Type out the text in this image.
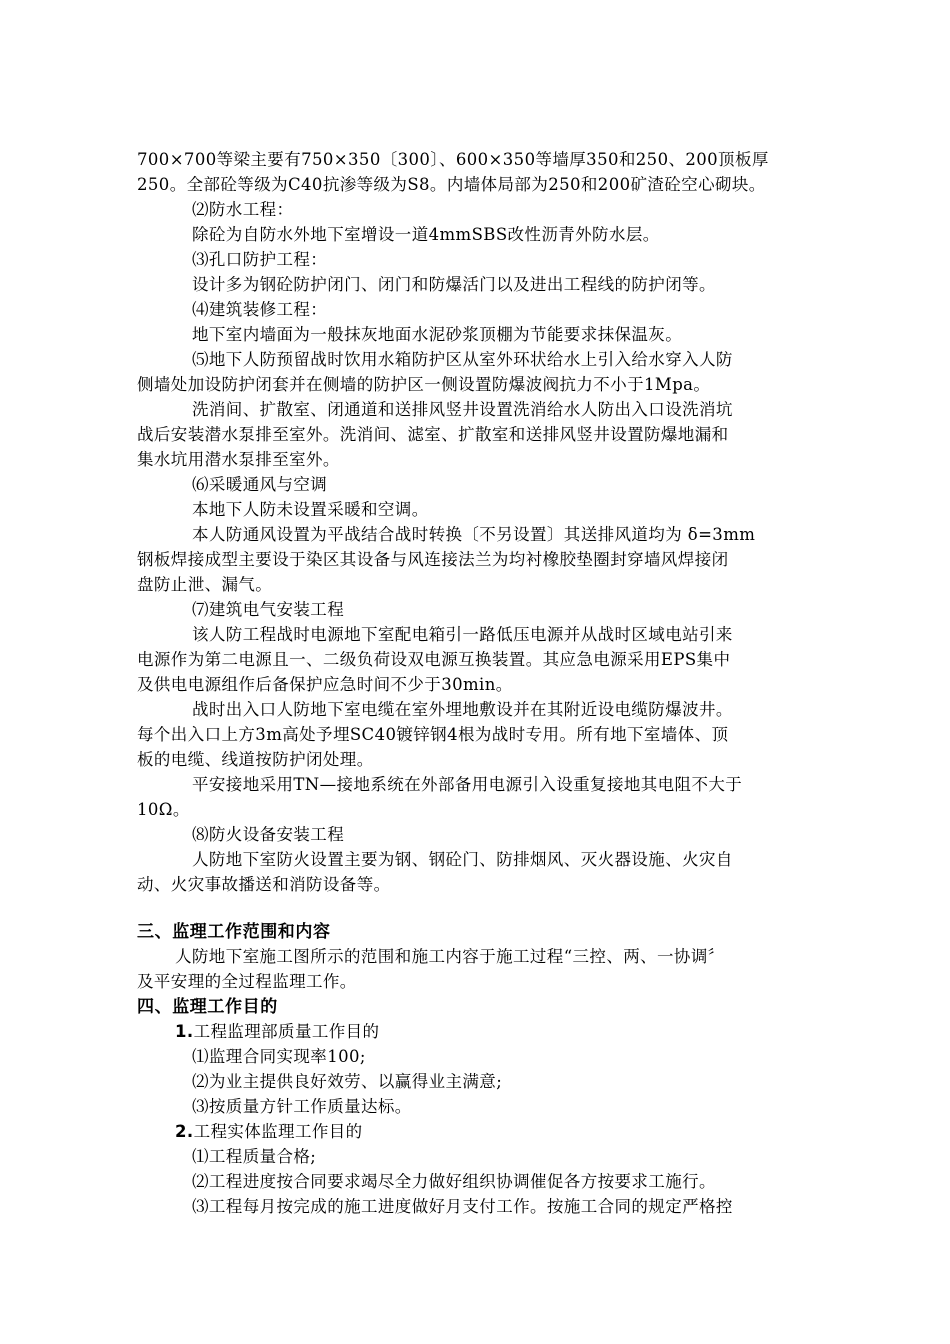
700×700等梁主要有750×350〔300〕、600×350等墙厚350和250、200顶板厚
250。全部砼等级为C40抗渗等级为S8。内墙体局部为250和200矿渣砼空心砌块。
⑵防水工程：
除砼为自防水外地下室增设一道4mmSBS改性沥青外防水层。
⑶孔口防护工程：
设计多为钢砼防护闭门、闭门和防爆活门以及进出工程线的防护闭等。
⑷建筑装修工程：
地下室内墙面为一般抹灰地面水泥砂浆顶棚为节能要求抹保温灰。
⑸地下人防预留战时饮用水箱防护区从室外环状给水上引入给水穿入人防
侧墙处加设防护闭套并在侧墙的防护区一侧设置防爆波阀抗力不小于1Mpa。
洗消间、扩散室、闭通道和送排风竖井设置洗消给水人防出入口设洗消坑
战后安装潜水泵排至室外。洗消间、滤室、扩散室和送排风竖井设置防爆地漏和
集水坑用潜水泵排至室外。
⑹采暖通风与空调
本地下人防未设置采暖和空调。
本人防通风设置为平战结合战时转换〔不另设置〕其送排风道均为 δ=3mm
钢板焊接成型主要设于染区其设备与风连接法兰为均衬橡胶垫圈封穿墙风焊接闭
盘防止泄、漏气。
⑺建筑电气安装工程
该人防工程战时电源地下室配电箱引一路低压电源并从战时区域电站引来
电源作为第二电源且一、二级负荷设双电源互换装置。其应急电源采用EPS集中
及供电电源组作后备保护应急时间不少于30min。
战时出入口人防地下室电缆在室外埋地敷设并在其附近设电缆防爆波井。
每个出入口上方3m高处予埋SC40镀锌钢4根为战时专用。所有地下室墙体、顶
板的电缆、线道按防护闭处理。
平安接地采用TN—接地系统在外部备用电源引入设重复接地其电阻不大于
10Ω。
⑻防火设备安装工程
人防地下室防火设置主要为钢、钢砼门、防排烟风、灭火器设施、火灾自
动、火灾事故播送和消防设备等。
三、监理工作范围和内容
人防地下室施工图所示的范围和施工内容于施工过程“三控、两、一协调〞
及平安理的全过程监理工作。
四、监理工作目的
1.工程监理部质量工作目的
⑴监理合同实现率100;
⑵为业主提供良好效劳、以赢得业主满意;
⑶按质量方针工作质量达标。
2.工程实体监理工作目的
⑴工程质量合格;
⑵工程进度按合同要求竭尽全力做好组织协调催促各方按要求工施行。
⑶工程每月按完成的施工进度做好月支付工作。按施工合同的规定严格控
